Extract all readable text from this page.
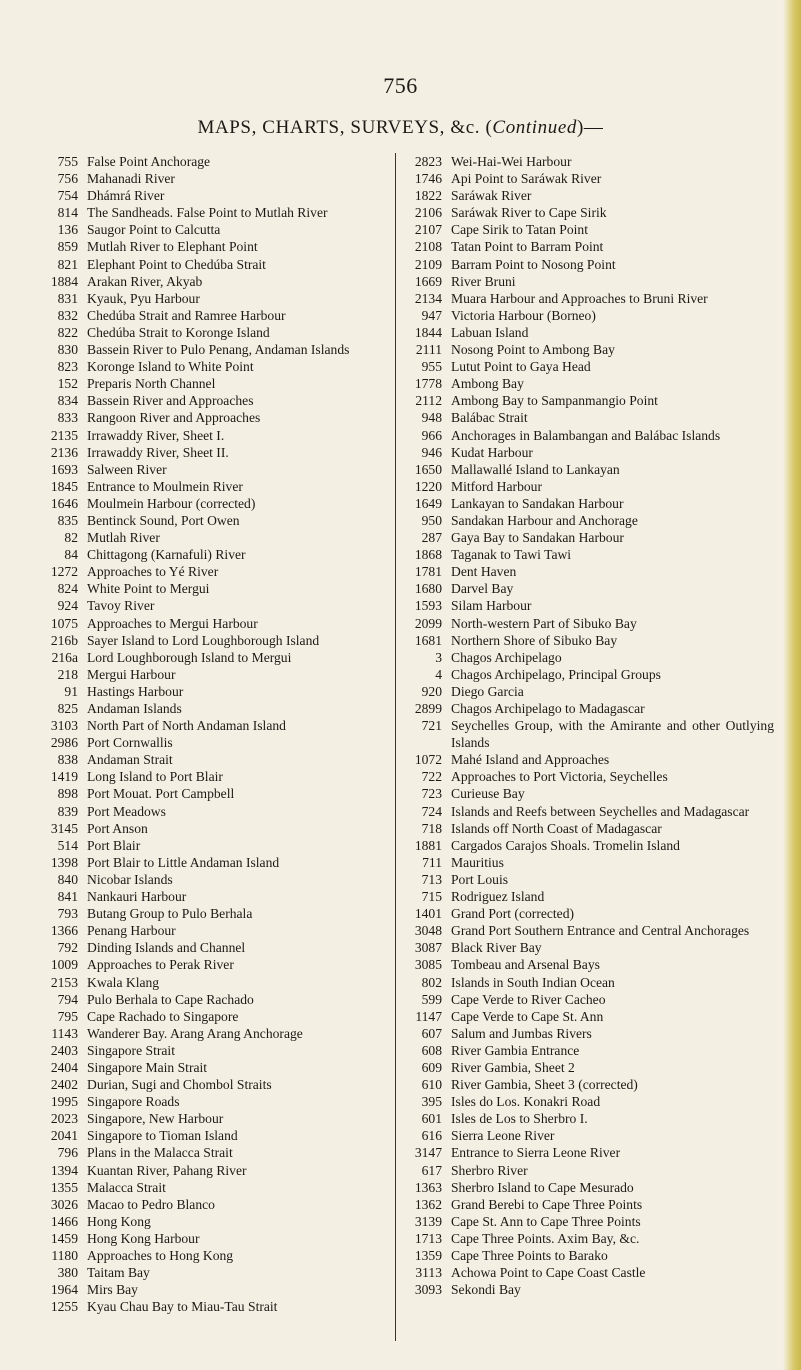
756
MAPS, CHARTS, SURVEYS, &c. (Continued)—
755 False Point Anchorage
756 Mahanadi River
754 Dhámrá River
814 The Sandheads. False Point to Mutlah River
136 Saugor Point to Calcutta
859 Mutlah River to Elephant Point
821 Elephant Point to Chedúba Strait
1884 Arakan River, Akyab
831 Kyauk, Pyu Harbour
832 Chedúba Strait and Ramree Harbour
822 Chedúba Strait to Koronge Island
830 Bassein River to Pulo Penang, Andaman Islands
823 Koronge Island to White Point
152 Preparis North Channel
834 Bassein River and Approaches
833 Rangoon River and Approaches
2135 Irrawaddy River, Sheet I.
2136 Irrawaddy River, Sheet II.
1693 Salween River
1845 Entrance to Moulmein River
1646 Moulmein Harbour (corrected)
835 Bentinck Sound, Port Owen
82 Mutlah River
84 Chittagong (Karnafuli) River
1272 Approaches to Yé River
824 White Point to Mergui
924 Tavoy River
1075 Approaches to Mergui Harbour
216b Sayer Island to Lord Loughborough Island
216a Lord Loughborough Island to Mergui
218 Mergui Harbour
91 Hastings Harbour
825 Andaman Islands
3103 North Part of North Andaman Island
2986 Port Cornwallis
838 Andaman Strait
1419 Long Island to Port Blair
898 Port Mouat. Port Campbell
839 Port Meadows
3145 Port Anson
514 Port Blair
1398 Port Blair to Little Andaman Island
840 Nicobar Islands
841 Nankauri Harbour
793 Butang Group to Pulo Berhala
1366 Penang Harbour
792 Dinding Islands and Channel
1009 Approaches to Perak River
2153 Kwala Klang
794 Pulo Berhala to Cape Rachado
795 Cape Rachado to Singapore
1143 Wanderer Bay. Arang Arang Anchorage
2403 Singapore Strait
2404 Singapore Main Strait
2402 Durian, Sugi and Chombol Straits
1995 Singapore Roads
2023 Singapore, New Harbour
2041 Singapore to Tioman Island
796 Plans in the Malacca Strait
1394 Kuantan River, Pahang River
1355 Malacca Strait
3026 Macao to Pedro Blanco
1466 Hong Kong
1459 Hong Kong Harbour
1180 Approaches to Hong Kong
380 Taitam Bay
1964 Mirs Bay
1255 Kyau Chau Bay to Miau-Tau Strait
2823 Wei-Hai-Wei Harbour
1746 Api Point to Saráwak River
1822 Saráwak River
2106 Saráwak River to Cape Sirik
2107 Cape Sirik to Tatan Point
2108 Tatan Point to Barram Point
2109 Barram Point to Nosong Point
1669 River Bruni
2134 Muara Harbour and Approaches to Bruni River
947 Victoria Harbour (Borneo)
1844 Labuan Island
2111 Nosong Point to Ambong Bay
955 Lutut Point to Gaya Head
1778 Ambong Bay
2112 Ambong Bay to Sampanmangio Point
948 Balábac Strait
966 Anchorages in Balambangan and Balábac Islands
946 Kudat Harbour
1650 Mallawallé Island to Lankayan
1220 Mitford Harbour
1649 Lankayan to Sandakan Harbour
950 Sandakan Harbour and Anchorage
287 Gaya Bay to Sandakan Harbour
1868 Taganak to Tawi Tawi
1781 Dent Haven
1680 Darvel Bay
1593 Silam Harbour
2099 North-western Part of Sibuko Bay
1681 Northern Shore of Sibuko Bay
3 Chagos Archipelago
4 Chagos Archipelago, Principal Groups
920 Diego Garcia
2899 Chagos Archipelago to Madagascar
721 Seychelles Group, with the Amirante and other Outlying Islands
1072 Mahé Island and Approaches
722 Approaches to Port Victoria, Seychelles
723 Curieuse Bay
724 Islands and Reefs between Seychelles and Madagascar
718 Islands off North Coast of Madagascar
1881 Cargados Carajos Shoals. Tromelin Island
711 Mauritius
713 Port Louis
715 Rodriguez Island
1401 Grand Port (corrected)
3048 Grand Port Southern Entrance and Central Anchorages
3087 Black River Bay
3085 Tombeau and Arsenal Bays
802 Islands in South Indian Ocean
599 Cape Verde to River Cacheo
1147 Cape Verde to Cape St. Ann
607 Salum and Jumbas Rivers
608 River Gambia Entrance
609 River Gambia, Sheet 2
610 River Gambia, Sheet 3 (corrected)
395 Isles do Los. Konakri Road
601 Isles de Los to Sherbro I.
616 Sierra Leone River
3147 Entrance to Sierra Leone River
617 Sherbro River
1363 Sherbro Island to Cape Mesurado
1362 Grand Berebi to Cape Three Points
3139 Cape St. Ann to Cape Three Points
1713 Cape Three Points. Axim Bay, &c.
1359 Cape Three Points to Barako
3113 Achowa Point to Cape Coast Castle
3093 Sekondi Bay
